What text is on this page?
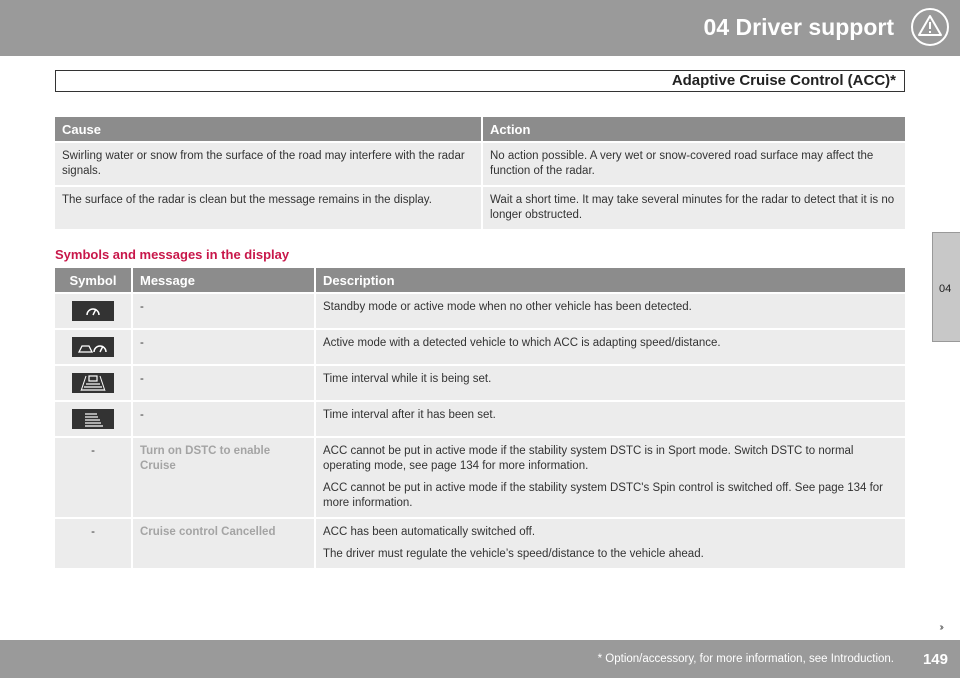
04 Driver support
Adaptive Cruise Control (ACC)*
04
Cause	Action
Swirling water or snow from the surface of the road may interfere with the radar signals.	No action possible. A very wet or snow-covered road surface may affect the function of the radar.
The surface of the radar is clean but the message remains in the display.	Wait a short time. It may take several minutes for the radar to detect that it is no longer obstructed.
Symbols and messages in the display
Symbol	Message	Description
	-	Standby mode or active mode when no other vehicle has been detected.
	-	Active mode with a detected vehicle to which ACC is adapting speed/distance.
	-	Time interval while it is being set.
	-	Time interval after it has been set.
-	Turn on DSTC to enable Cruise	ACC cannot be put in active mode if the stability system DSTC is in Sport mode. Switch DSTC to normal operating mode, see page 134 for more information.

ACC cannot be put in active mode if the stability system DSTC's Spin control is switched off. See page 134 for more information.

-	Cruise control Cancelled	ACC has been automatically switched off.

The driver must regulate the vehicle’s speed/distance to the vehicle ahead.

››
* Option/accessory, for more information, see Introduction. 149
